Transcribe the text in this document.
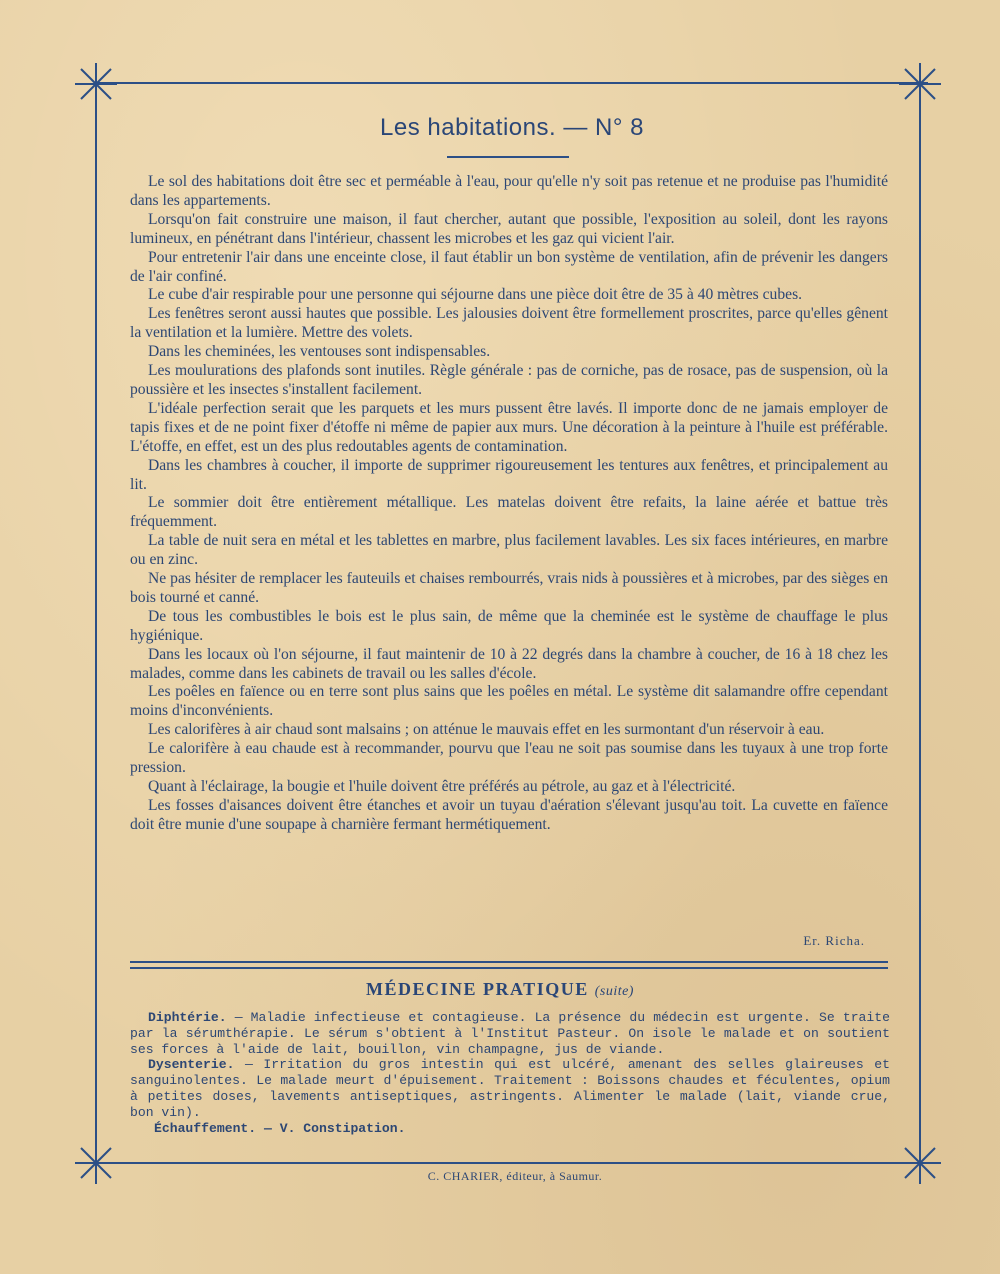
Les habitations. — N° 8

Le sol des habitations doit être sec et perméable à l'eau, pour qu'elle n'y soit pas retenue et ne produise pas l'humidité dans les appartements.

Lorsqu'on fait construire une maison, il faut chercher, autant que possible, l'exposition au soleil, dont les rayons lumineux, en pénétrant dans l'intérieur, chassent les microbes et les gaz qui vicient l'air.

Pour entretenir l'air dans une enceinte close, il faut établir un bon système de ventilation, afin de prévenir les dangers de l'air confiné.

Le cube d'air respirable pour une personne qui séjourne dans une pièce doit être de 35 à 40 mètres cubes.

Les fenêtres seront aussi hautes que possible. Les jalousies doivent être formellement proscrites, parce qu'elles gênent la ventilation et la lumière. Mettre des volets.

Dans les cheminées, les ventouses sont indispensables.

Les moulurations des plafonds sont inutiles. Règle générale : pas de corniche, pas de rosace, pas de suspension, où la poussière et les insectes s'installent facilement.

L'idéale perfection serait que les parquets et les murs pussent être lavés. Il importe donc de ne jamais employer de tapis fixes et de ne point fixer d'étoffe ni même de papier aux murs. Une décoration à la peinture à l'huile est préférable. L'étoffe, en effet, est un des plus redoutables agents de contamination.

Dans les chambres à coucher, il importe de supprimer rigoureusement les tentures aux fenêtres, et principalement au lit.

Le sommier doit être entièrement métallique. Les matelas doivent être refaits, la laine aérée et battue très fréquemment.

La table de nuit sera en métal et les tablettes en marbre, plus facilement lavables. Les six faces intérieures, en marbre ou en zinc.

Ne pas hésiter de remplacer les fauteuils et chaises rembourrés, vrais nids à poussières et à microbes, par des sièges en bois tourné et canné.

De tous les combustibles le bois est le plus sain, de même que la cheminée est le système de chauffage le plus hygiénique.

Dans les locaux où l'on séjourne, il faut maintenir de 10 à 22 degrés dans la chambre à coucher, de 16 à 18 chez les malades, comme dans les cabinets de travail ou les salles d'école.

Les poêles en faïence ou en terre sont plus sains que les poêles en métal. Le système dit salamandre offre cependant moins d'inconvénients.

Les calorifères à air chaud sont malsains ; on atténue le mauvais effet en les surmontant d'un réservoir à eau.

Le calorifère à eau chaude est à recommander, pourvu que l'eau ne soit pas soumise dans les tuyaux à une trop forte pression.

Quant à l'éclairage, la bougie et l'huile doivent être préférés au pétrole, au gaz et à l'électricité.

Les fosses d'aisances doivent être étanches et avoir un tuyau d'aération s'élevant jusqu'au toit. La cuvette en faïence doit être munie d'une soupape à charnière fermant hermétiquement.

Er. Richa.
MÉDECINE PRATIQUE (suite)

Diphtérie. — Maladie infectieuse et contagieuse. La présence du médecin est urgente. Se traite par la sérumthérapie. Le sérum s'obtient à l'Institut Pasteur. On isole le malade et on soutient ses forces à l'aide de lait, bouillon, vin champagne, jus de viande.

Dysenterie. — Irritation du gros intestin qui est ulcéré, amenant des selles glaireuses et sanguinolentes. Le malade meurt d'épuisement. Traitement : Boissons chaudes et féculentes, opium à petites doses, lavements antiseptiques, astringents. Alimenter le malade (lait, viande crue, bon vin).

Échauffement. — V. Constipation.

C. CHARIER, éditeur, à Saumur.
